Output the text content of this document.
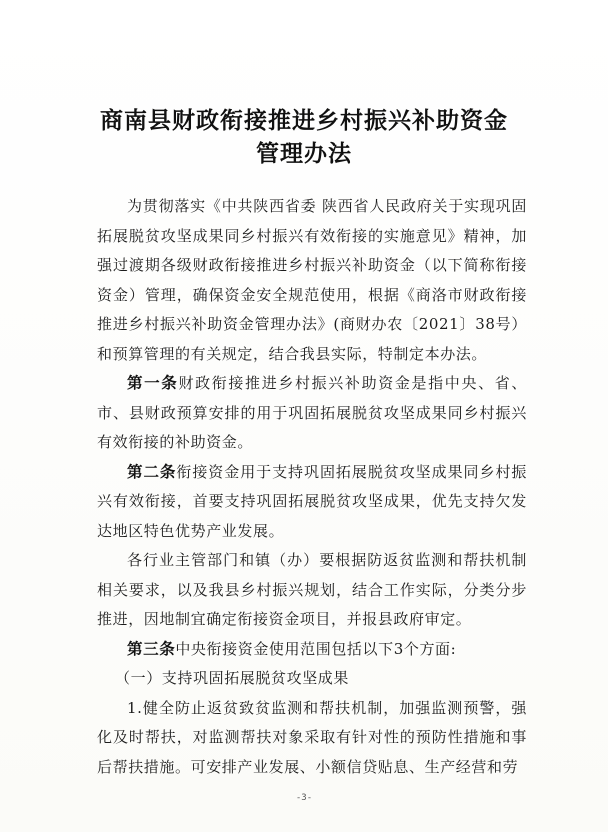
商南县财政衔接推进乡村振兴补助资金
管理办法

为贯彻落实《中共陕西省委 陕西省人民政府关于实现巩固拓展脱贫攻坚成果同乡村振兴有效衔接的实施意见》精神，加强过渡期各级财政衔接推进乡村振兴补助资金（以下简称衔接资金）管理，确保资金安全规范使用，根据《商洛市财政衔接推进乡村振兴补助资金管理办法》(商财办农〔2021〕38号）和预算管理的有关规定，结合我县实际，特制定本办法。

第一条财政衔接推进乡村振兴补助资金是指中央、省、市、县财政预算安排的用于巩固拓展脱贫攻坚成果同乡村振兴有效衔接的补助资金。

第二条衔接资金用于支持巩固拓展脱贫攻坚成果同乡村振兴有效衔接，首要支持巩固拓展脱贫攻坚成果，优先支持欠发达地区特色优势产业发展。

各行业主管部门和镇（办）要根据防返贫监测和帮扶机制相关要求，以及我县乡村振兴规划，结合工作实际，分类分步推进，因地制宜确定衔接资金项目，并报县政府审定。

第三条中央衔接资金使用范围包括以下3个方面:

（一）支持巩固拓展脱贫攻坚成果

1.健全防止返贫致贫监测和帮扶机制，加强监测预警，强化及时帮扶，对监测帮扶对象采取有针对性的预防性措施和事后帮扶措施。可安排产业发展、小额信贷贴息、生产经营和劳

-3-
